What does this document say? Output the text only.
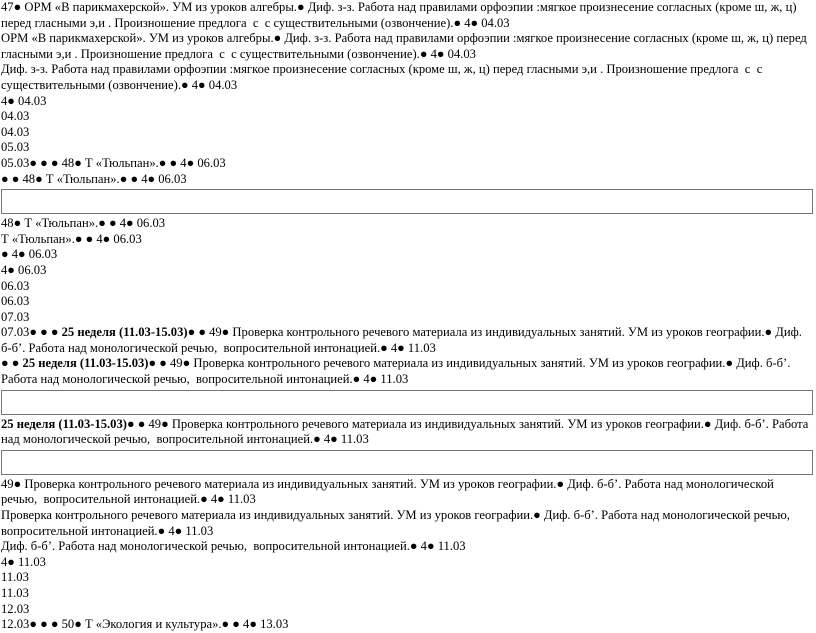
47● ОРМ «В парикмахерской». УМ из уроков алгебры.● Диф. з-з. Работа над правилами орфоэпии :мягкое произнесение согласных (кроме ш, ж, ц) перед гласными э,и . Произношение предлога  с  с существительными (озвончение).● 4● 04.03
ОРМ «В парикмахерской». УМ из уроков алгебры.● Диф. з-з. Работа над правилами орфоэпии :мягкое произнесение согласных (кроме ш, ж, ц) перед гласными э,и . Произношение предлога  с  с существительными (озвончение).● 4● 04.03
Диф. з-з. Работа над правилами орфоэпии :мягкое произнесение согласных (кроме ш, ж, ц) перед гласными э,и . Произношение предлога  с  с существительными (озвончение).● 4● 04.03
4● 04.03
04.03
04.03
05.03
05.03● ● ● 48● Т «Тюльпан».● ● 4● 06.03
● ● 48● Т «Тюльпан».● ● 4● 06.03
48● Т «Тюльпан».● ● 4● 06.03
Т «Тюльпан».● ● 4● 06.03
● 4● 06.03
4● 06.03
06.03
06.03
07.03
07.03● ● ● 25 неделя (11.03-15.03)● ● 49● Проверка контрольного речевого материала из индивидуальных занятий. УМ из уроков географии.● Диф. б-б’. Работа над монологической речью,  вопросительной интонацией.● 4● 11.03
● ● 25 неделя (11.03-15.03)● ● 49● Проверка контрольного речевого материала из индивидуальных занятий. УМ из уроков географии.● Диф. б-б’. Работа над монологической речью,  вопросительной интонацией.● 4● 11.03
25 неделя (11.03-15.03)● ● 49● Проверка контрольного речевого материала из индивидуальных занятий. УМ из уроков географии.● Диф. б-б’. Работа над монологической речью,  вопросительной интонацией.● 4● 11.03
49● Проверка контрольного речевого материала из индивидуальных занятий. УМ из уроков географии.● Диф. б-б’. Работа над монологической речью,  вопросительной интонацией.● 4● 11.03
Проверка контрольного речевого материала из индивидуальных занятий. УМ из уроков географии.● Диф. б-б’. Работа над монологической речью,  вопросительной интонацией.● 4● 11.03
Диф. б-б’. Работа над монологической речью,  вопросительной интонацией.● 4● 11.03
4● 11.03
11.03
11.03
12.03
12.03● ● ● 50● Т «Экология и культура».● ● 4● 13.03
